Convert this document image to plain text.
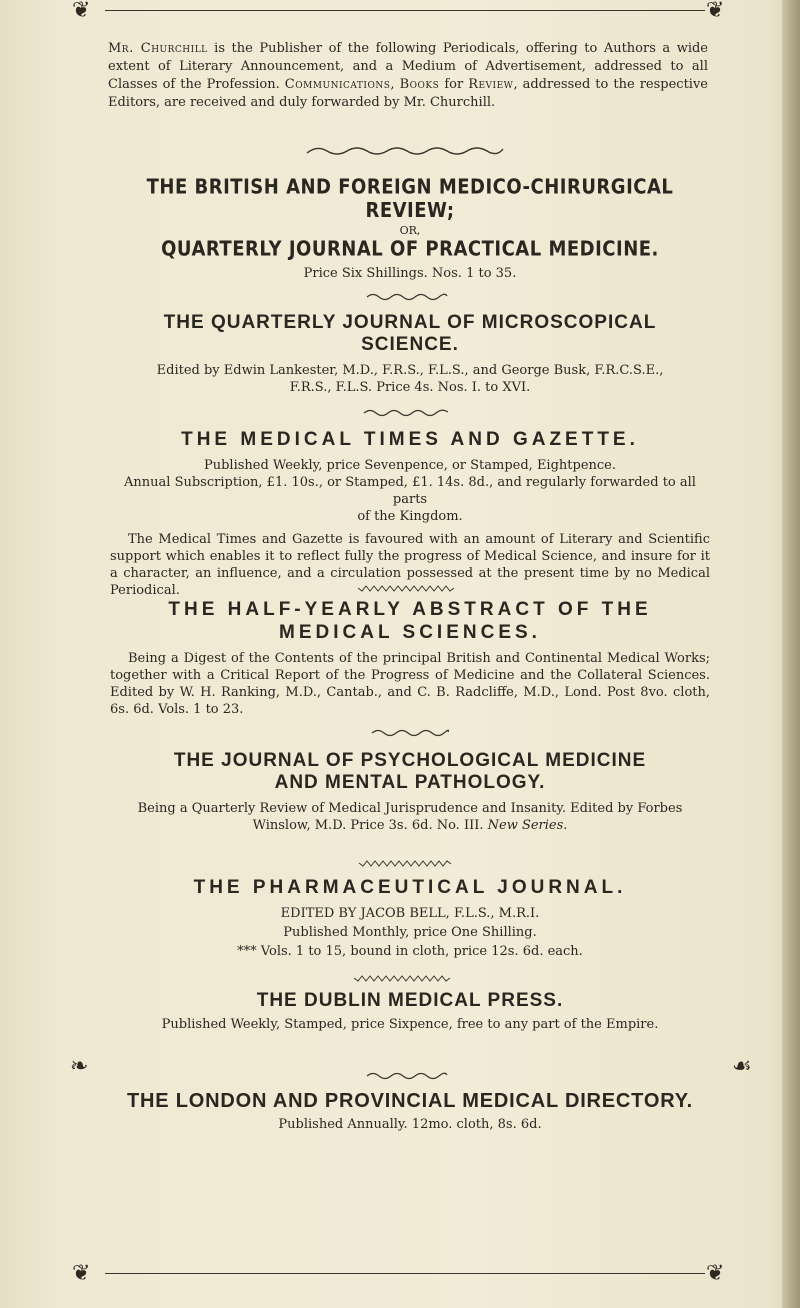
❦	❦
❦	❦
❧	☙
Mr. Churchill is the Publisher of the following Periodicals, offering to Authors a wide extent of Literary Announcement, and a Medium of Advertisement, addressed to all Classes of the Profession. Communications, Books for Review, addressed to the respective Editors, are received and duly forwarded by Mr. Churchill.
THE BRITISH AND FOREIGN MEDICO-CHIRURGICAL REVIEW;
OR,
QUARTERLY JOURNAL OF PRACTICAL MEDICINE.
Price Six Shillings. Nos. 1 to 35.
THE QUARTERLY JOURNAL OF MICROSCOPICAL
SCIENCE.
Edited by Edwin Lankester, M.D., F.R.S., F.L.S., and George Busk, F.R.C.S.E.,
F.R.S., F.L.S. Price 4s. Nos. I. to XVI.
THE MEDICAL TIMES AND GAZETTE.
Published Weekly, price Sevenpence, or Stamped, Eightpence.
Annual Subscription, £1. 10s., or Stamped, £1. 14s. 8d., and regularly forwarded to all parts
of the Kingdom.
The Medical Times and Gazette is favoured with an amount of Literary and Scientific support which enables it to reflect fully the progress of Medical Science, and insure for it a character, an influence, and a circulation possessed at the present time by no Medical Periodical.
THE HALF-YEARLY ABSTRACT OF THE
MEDICAL SCIENCES.
Being a Digest of the Contents of the principal British and Continental Medical Works; together with a Critical Report of the Progress of Medicine and the Collateral Sciences. Edited by W. H. Ranking, M.D., Cantab., and C. B. Radcliffe, M.D., Lond. Post 8vo. cloth, 6s. 6d. Vols. 1 to 23.
THE JOURNAL OF PSYCHOLOGICAL MEDICINE
AND MENTAL PATHOLOGY.
Being a Quarterly Review of Medical Jurisprudence and Insanity. Edited by Forbes
Winslow, M.D. Price 3s. 6d. No. III. New Series.
THE PHARMACEUTICAL JOURNAL.
EDITED BY JACOB BELL, F.L.S., M.R.I.
Published Monthly, price One Shilling.
*** Vols. 1 to 15, bound in cloth, price 12s. 6d. each.
THE DUBLIN MEDICAL PRESS.
Published Weekly, Stamped, price Sixpence, free to any part of the Empire.
THE LONDON AND PROVINCIAL MEDICAL DIRECTORY.
Published Annually. 12mo. cloth, 8s. 6d.
